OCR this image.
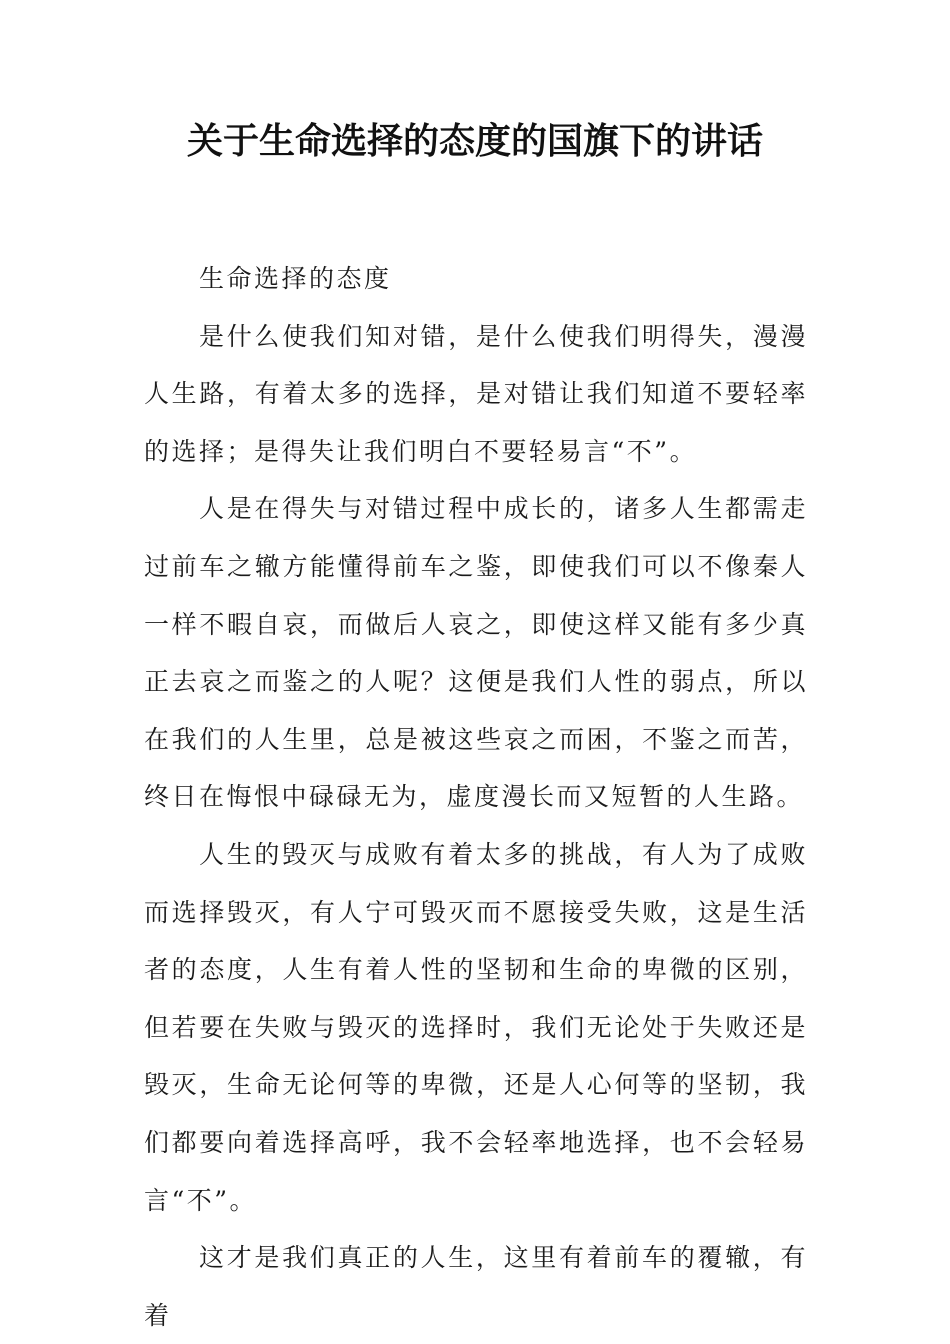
关于生命选择的态度的国旗下的讲话

生命选择的态度

是什么使我们知对错，是什么使我们明得失，漫漫人生路，有着太多的选择，是对错让我们知道不要轻率的选择；是得失让我们明白不要轻易言“不”。

人是在得失与对错过程中成长的，诸多人生都需走过前车之辙方能懂得前车之鉴，即使我们可以不像秦人一样不暇自哀，而做后人哀之，即使这样又能有多少真正去哀之而鉴之的人呢？这便是我们人性的弱点，所以在我们的人生里，总是被这些哀之而困，不鉴之而苦，终日在悔恨中碌碌无为，虚度漫长而又短暂的人生路。

人生的毁灭与成败有着太多的挑战，有人为了成败而选择毁灭，有人宁可毁灭而不愿接受失败，这是生活者的态度，人生有着人性的坚韧和生命的卑微的区别，但若要在失败与毁灭的选择时，我们无论处于失败还是毁灭，生命无论何等的卑微，还是人心何等的坚韧，我们都要向着选择高呼，我不会轻率地选择，也不会轻易言“不”。

这才是我们真正的人生，这里有着前车的覆辙，有着
